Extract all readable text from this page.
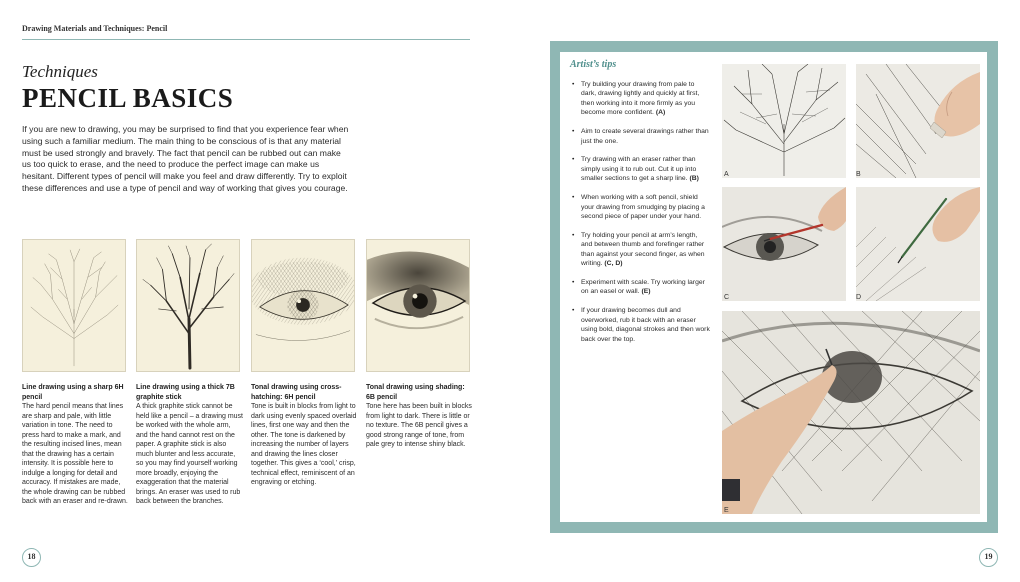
Drawing Materials and Techniques: Pencil
Techniques
PENCIL BASICS

If you are new to drawing, you may be surprised to find that you experience fear when using such a familiar medium. The main thing to be conscious of is that any material must be used strongly and bravely. The fact that pencil can be rubbed out can make us too quick to erase, and the need to produce the perfect image can make us hesitant. Different types of pencil will make you feel and draw differently. Try to exploit these differences and use a type of pencil and way of working that gives you courage.

Line drawing using a sharp 6H pencil
The hard pencil means that lines are sharp and pale, with little variation in tone. The need to press hard to make a mark, and the resulting incised lines, mean that the drawing has a certain intensity. It is possible here to indulge a longing for detail and accuracy. If mistakes are made, the whole drawing can be rubbed back with an eraser and re-drawn.
Line drawing using a thick 7B graphite stick
A thick graphite stick cannot be held like a pencil – a drawing must be worked with the whole arm, and the hand cannot rest on the paper. A graphite stick is also much blunter and less accurate, so you may find yourself working more broadly, enjoying the exaggeration that the material brings. An eraser was used to rub back between the branches.
Tonal drawing using cross-hatching: 6H pencil
Tone is built in blocks from light to dark using evenly spaced overlaid lines, first one way and then the other. The tone is darkened by increasing the number of layers and drawing the lines closer together. This gives a ‘cool,’ crisp, technical effect, reminiscent of an engraving or etching.
Tonal drawing using shading: 6B pencil
Tone here has been built in blocks from light to dark. There is little or no texture. The 6B pencil gives a good strong range of tone, from pale grey to intense shiny black.
18
Artist’s tips
• Try building your drawing from pale to dark, drawing lightly and quickly at first, then working into it more firmly as you become more confident. (A)
• Aim to create several drawings rather than just the one.
• Try drawing with an eraser rather than simply using it to rub out. Cut it up into smaller sections to get a sharp line. (B)
• When working with a soft pencil, shield your drawing from smudging by placing a second piece of paper under your hand.
• Try holding your pencil at arm’s length, and between thumb and forefinger rather than against your second finger, as when writing. (C, D)
• Experiment with scale. Try working larger on an easel or wall. (E)
• If your drawing becomes dull and overworked, rub it back with an eraser using bold, diagonal strokes and then work back over the top.
A	B
C	D
E
19
